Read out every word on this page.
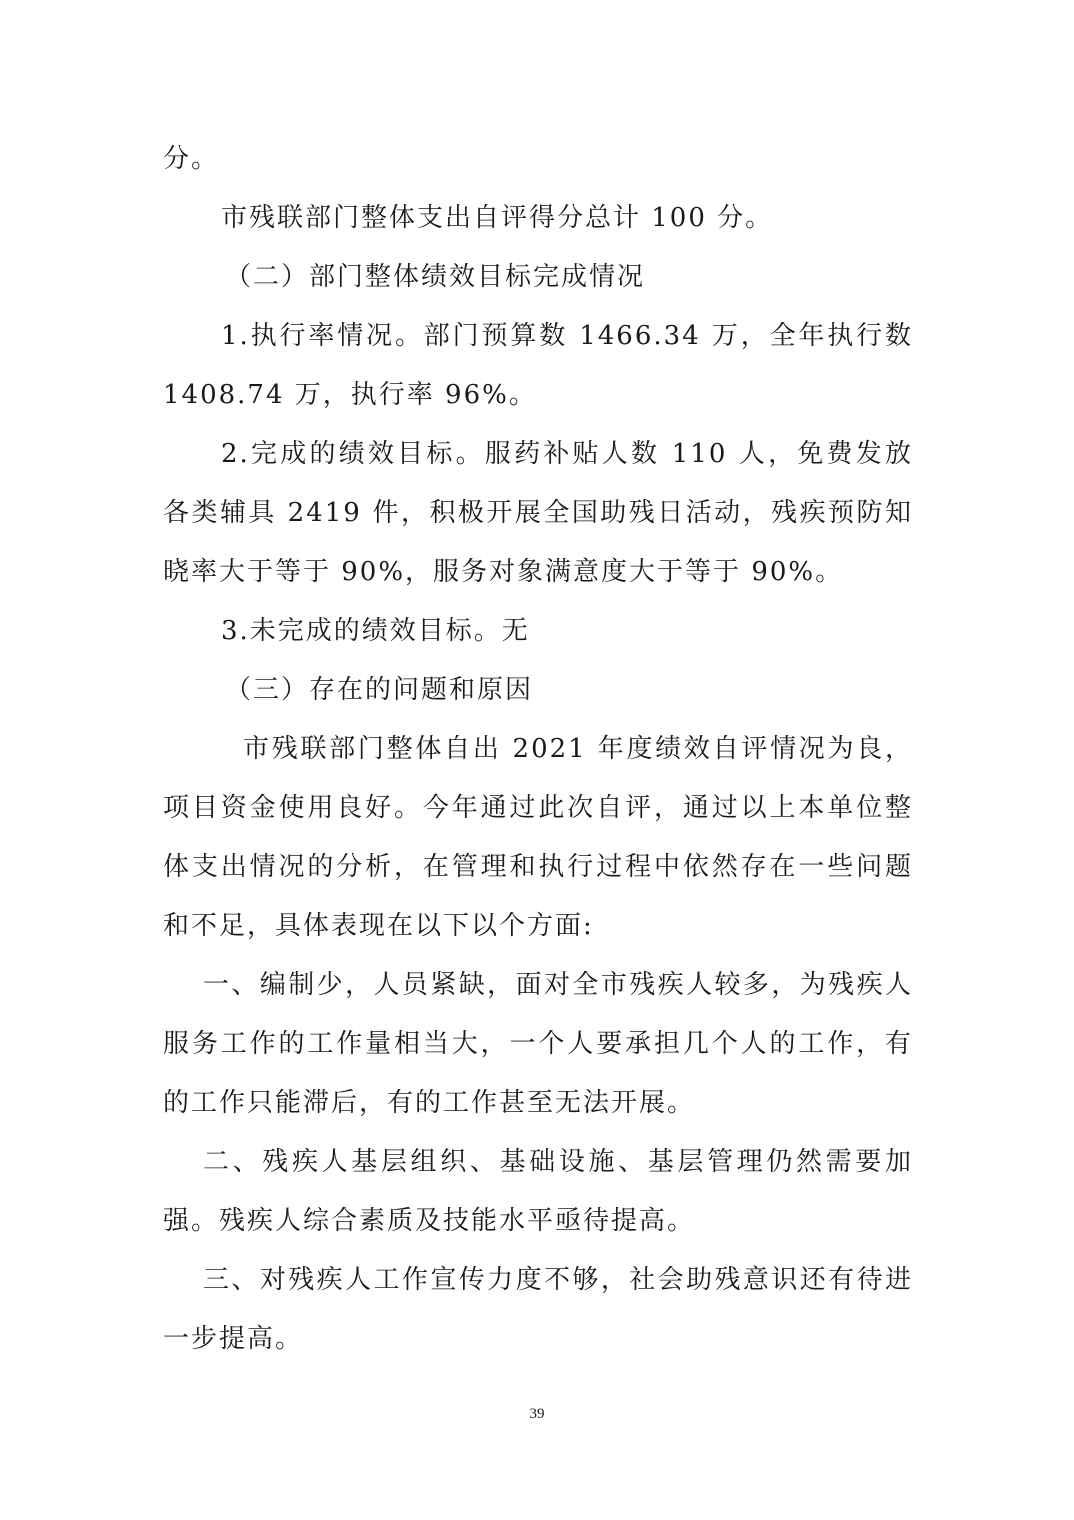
分。

市残联部门整体支出自评得分总计 100 分。

（二）部门整体绩效目标完成情况

1.执行率情况。部门预算数 1466.34 万，全年执行数 1408.74 万，执行率 96%。

2.完成的绩效目标。服药补贴人数 110 人，免费发放各类辅具 2419 件，积极开展全国助残日活动，残疾预防知晓率大于等于 90%，服务对象满意度大于等于 90%。

3.未完成的绩效目标。无

（三）存在的问题和原因

市残联部门整体自出 2021 年度绩效自评情况为良，项目资金使用良好。今年通过此次自评，通过以上本单位整体支出情况的分析，在管理和执行过程中依然存在一些问题和不足，具体表现在以下以个方面:

一、编制少，人员紧缺，面对全市残疾人较多，为残疾人服务工作的工作量相当大，一个人要承担几个人的工作，有的工作只能滞后，有的工作甚至无法开展。

二、残疾人基层组织、基础设施、基层管理仍然需要加强。残疾人综合素质及技能水平亟待提高。

三、对残疾人工作宣传力度不够，社会助残意识还有待进一步提高。

39
